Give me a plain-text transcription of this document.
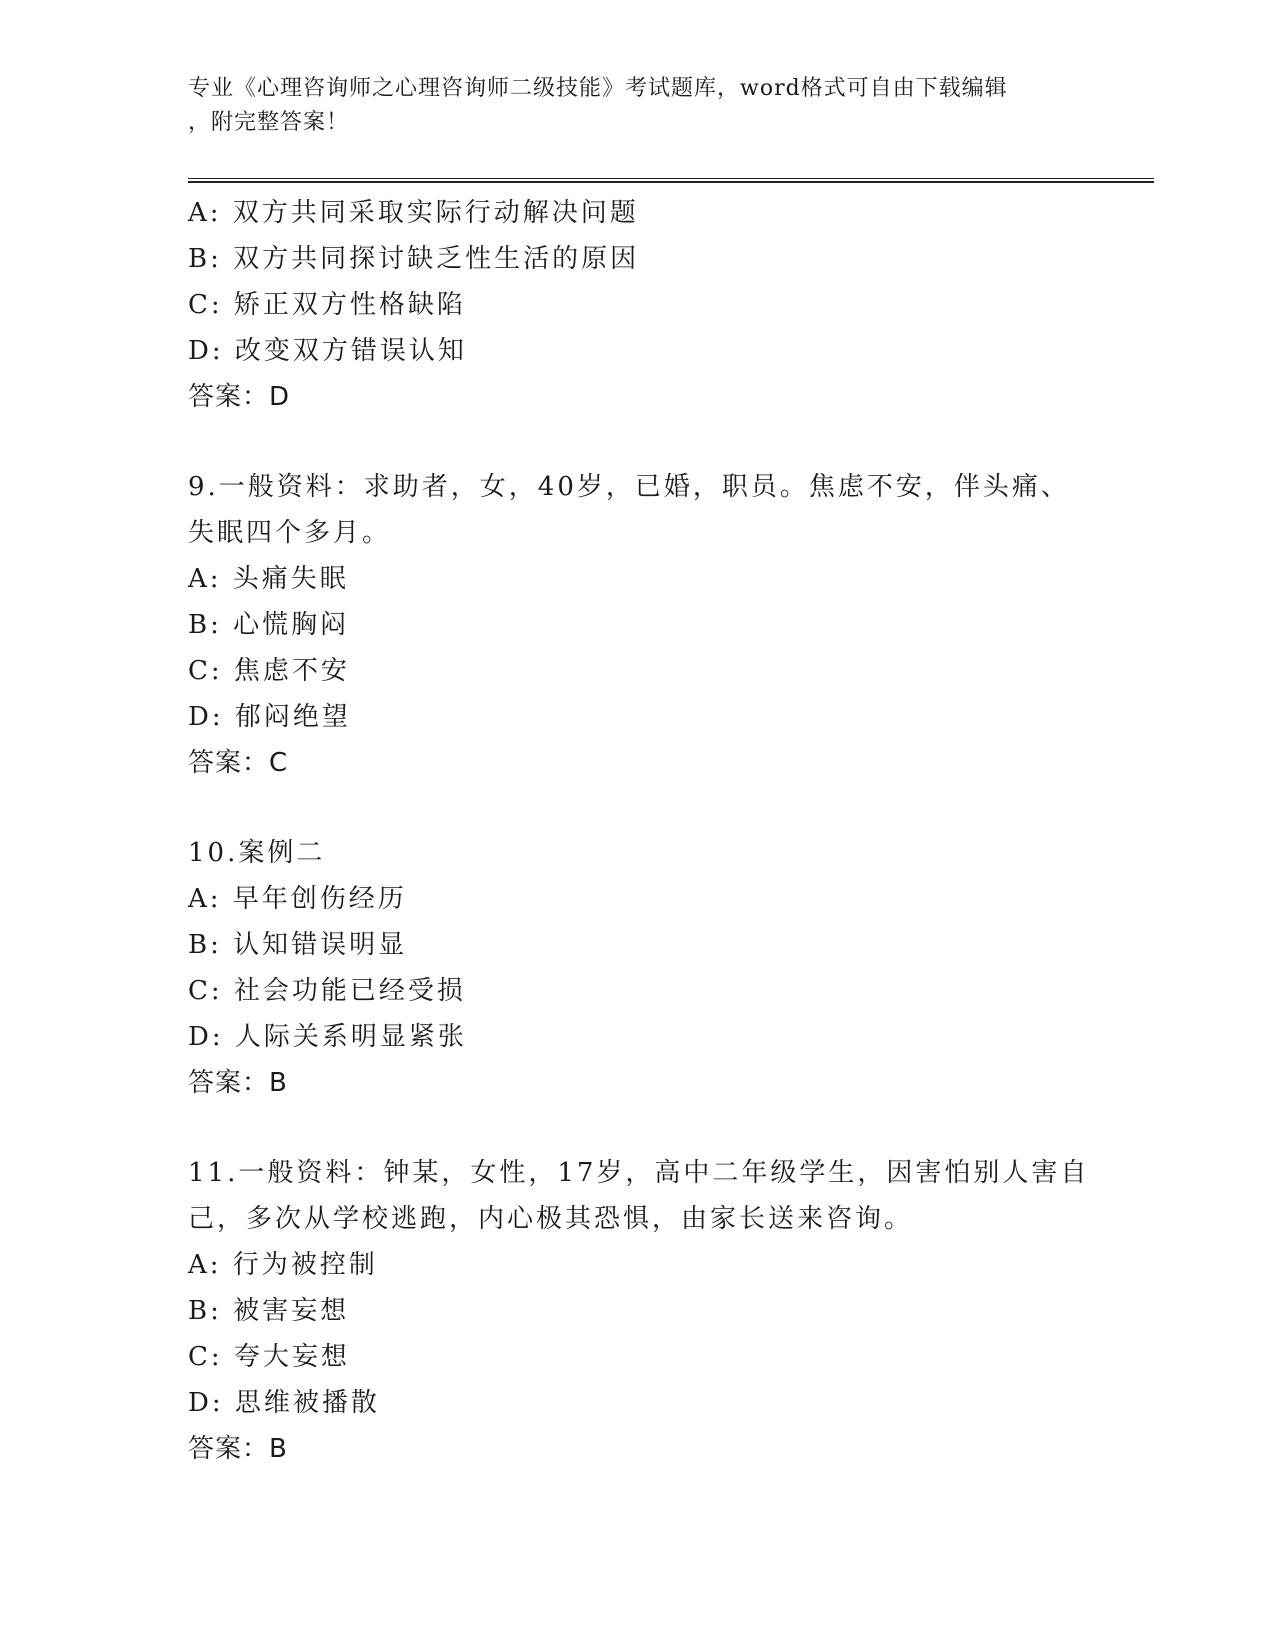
专业《心理咨询师之心理咨询师二级技能》考试题库，word格式可自由下载编辑
，附完整答案！
A: 双方共同采取实际行动解决问题
B: 双方共同探讨缺乏性生活的原因
C: 矫正双方性格缺陷
D: 改变双方错误认知
答案：D
9.一般资料：求助者，女，40岁，已婚，职员。焦虑不安，伴头痛、
失眠四个多月。
A: 头痛失眠
B: 心慌胸闷
C: 焦虑不安
D: 郁闷绝望
答案：C
10.案例二
A: 早年创伤经历
B: 认知错误明显
C: 社会功能已经受损
D: 人际关系明显紧张
答案：B
11.一般资料：钟某，女性，17岁，高中二年级学生，因害怕别人害自
己，多次从学校逃跑，内心极其恐惧，由家长送来咨询。
A: 行为被控制
B: 被害妄想
C: 夸大妄想
D: 思维被播散
答案：B
